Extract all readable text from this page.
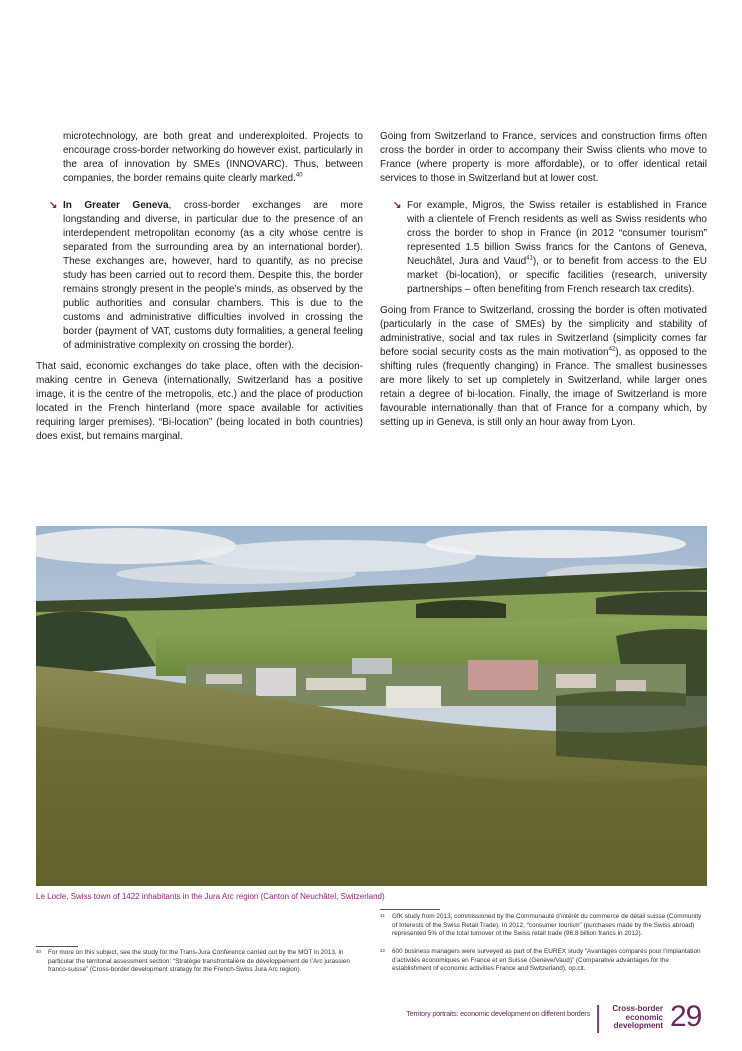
microtechnology, are both great and underexploited. Projects to encourage cross-border networking do however exist, particularly in the area of innovation by SMEs (INNOVARC). Thus, between companies, the border remains quite clearly marked.$^{40}$

↘ In Greater Geneva, cross-border exchanges are more longstanding and diverse, in particular due to the presence of an interdependent metropolitan economy (as a city whose centre is separated from the surrounding area by an international border). These exchanges are, however, hard to quantify, as no precise study has been carried out to record them. Despite this, the border remains strongly present in the people’s minds, as observed by the public authorities and consular chambers. This is due to the customs and administrative difficulties involved in crossing the border (payment of VAT, customs duty formalities, a general feeling of administrative complexity on crossing the border).

That said, economic exchanges do take place, often with the decision-making centre in Geneva (internationally, Switzerland has a positive image, it is the centre of the metropolis, etc.) and the place of production located in the French hinterland (more space available for activities requiring larger premises). “Bi-location” (being located in both countries) does exist, but remains marginal.

Going from Switzerland to France, services and construction firms often cross the border in order to accompany their Swiss clients who move to France (where property is more affordable), or to offer identical retail services to those in Switzerland but at lower cost.

↘ For example, Migros, the Swiss retailer is established in France with a clientele of French residents as well as Swiss residents who cross the border to shop in France (in 2012 “consumer tourism” represented 1.5 billion Swiss francs for the Cantons of Geneva, Neuchâtel, Jura and Vaud$^{41}$), or to benefit from access to the EU market (bi-location), or specific facilities (research, university partnerships – often benefiting from French research tax credits).

Going from France to Switzerland, crossing the border is often motivated (particularly in the case of SMEs) by the simplicity and stability of administrative, social and tax rules in Switzerland (simplicity comes far before social security costs as the main motivation$^{42}$), as opposed to the shifting rules (frequently changing) in France. The smallest businesses are more likely to set up completely in Switzerland, while larger ones retain a degree of bi-location. Finally, the image of Switzerland is more favourable internationally than that of France for a company which, by setting up in Geneva, is still only an hour away from Lyon.

Le Locle, Swiss town of 1422 inhabitants in the Jura Arc region (Canton of Neuchâtel, Switzerland)
40	For more on this subject, see the study for the Trans-Jura Conference carried out by the MOT in 2013, in particular the territorial assessment section: “Stratégie transfrontalière de développement de l’Arc jurassien franco-suisse” (Cross-border development strategy for the French-Swiss Jura Arc region).
41	GfK study from 2013, commissioned by the Communauté d’intérêt du commerce de détail suisse (Community of Interests of the Swiss Retail Trade). In 2012, “consumer tourism” (purchases made by the Swiss abroad) represented 5% of the total turnover of the Swiss retail trade (96.8 billion francs in 2012).
42	600 business managers were surveyed as part of the EUREX study “Avantages comparés pour l’implantation d’activités économiques en France et en Suisse (Genève/Vaud)” (Comparative advantages for the establishment of economic activities France and Switzerland), op.cit.
Territory portraits: economic development on different borders
Cross-border
economic
development 29
